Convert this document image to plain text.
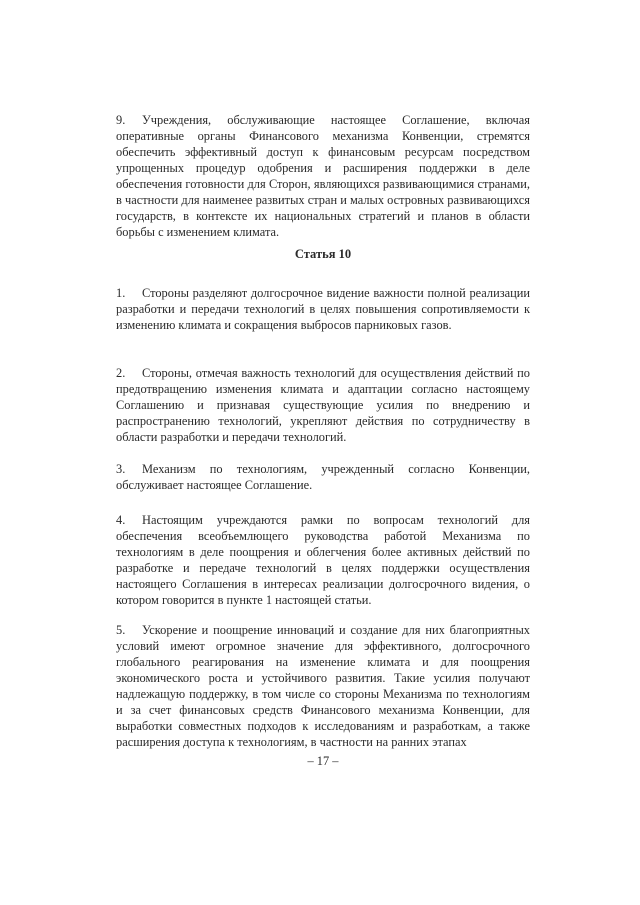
9. Учреждения, обслуживающие настоящее Соглашение, включая оперативные органы Финансового механизма Конвенции, стремятся обеспечить эффективный доступ к финансовым ресурсам посредством упрощенных процедур одобрения и расширения поддержки в деле обеспечения готовности для Сторон, являющихся развивающимися странами, в частности для наименее развитых стран и малых островных развивающихся государств, в контексте их национальных стратегий и планов в области борьбы с изменением климата.

Статья 10

1. Стороны разделяют долгосрочное видение важности полной реализации разработки и передачи технологий в целях повышения сопротивляемости к изменению климата и сокращения выбросов парниковых газов.

2. Стороны, отмечая важность технологий для осуществления действий по предотвращению изменения климата и адаптации согласно настоящему Соглашению и признавая существующие усилия по внедрению и распространению технологий, укрепляют действия по сотрудничеству в области разработки и передачи технологий.

3. Механизм по технологиям, учрежденный согласно Конвенции, обслуживает настоящее Соглашение.

4. Настоящим учреждаются рамки по вопросам технологий для обеспечения всеобъемлющего руководства работой Механизма по технологиям в деле поощрения и облегчения более активных действий по разработке и передаче технологий в целях поддержки осуществления настоящего Соглашения в интересах реализации долгосрочного видения, о котором говорится в пункте 1 настоящей статьи.

5. Ускорение и поощрение инноваций и создание для них благоприятных условий имеют огромное значение для эффективного, долгосрочного глобального реагирования на изменение климата и для поощрения экономического роста и устойчивого развития. Такие усилия получают надлежащую поддержку, в том числе со стороны Механизма по технологиям и за счет финансовых средств Финансового механизма Конвенции, для выработки совместных подходов к исследованиям и разработкам, а также расширения доступа к технологиям, в частности на ранних этапах

– 17 –
